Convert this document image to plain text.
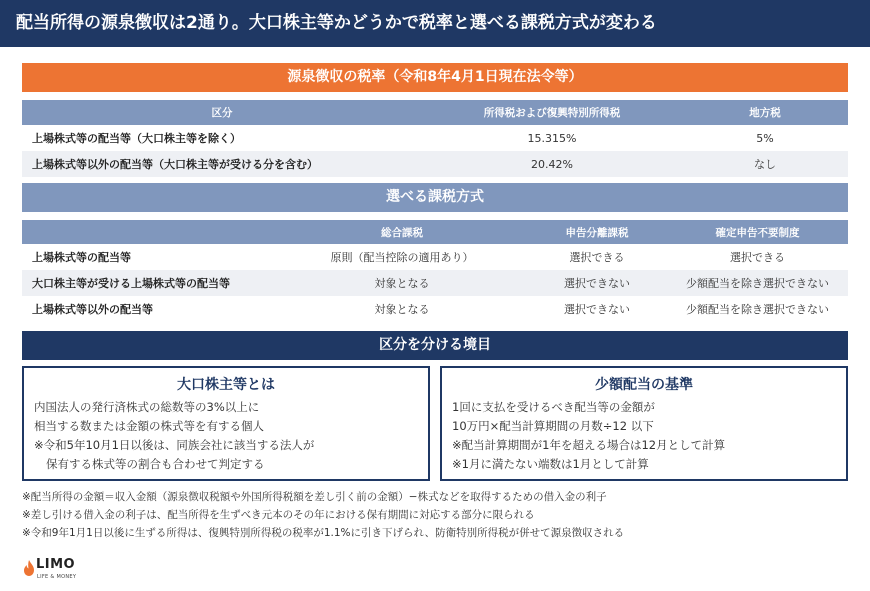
配当所得の源泉徴収は2通り。大口株主等かどうかで税率と選べる課税方式が変わる
源泉徴収の税率（令和8年4月1日現在法令等）
区分	所得税および復興特別所得税	地方税
上場株式等の配当等（大口株主等を除く）	15.315%	5%
上場株式等以外の配当等（大口株主等が受ける分を含む）	20.42%	なし
選べる課税方式
	総合課税	申告分離課税	確定申告不要制度
上場株式等の配当等	原則（配当控除の適用あり）	選択できる	選択できる
大口株主等が受ける上場株式等の配当等	対象となる	選択できない	少額配当を除き選択できない
上場株式等以外の配当等	対象となる	選択できない	少額配当を除き選択できない
区分を分ける境目
大口株主等とは
内国法人の発行済株式の総数等の3%以上に
相当する数または金額の株式等を有する個人
※令和5年10月1日以後は、同族会社に該当する法人が
保有する株式等の割合も合わせて判定する
少額配当の基準
1回に支払を受けるべき配当等の金額が
10万円×配当計算期間の月数÷12 以下
※配当計算期間が1年を超える場合は12月として計算
※1月に満たない端数は1月として計算
※配当所得の金額＝収入金額（源泉徴収税額や外国所得税額を差し引く前の金額）−株式などを取得するための借入金の利子
※差し引ける借入金の利子は、配当所得を生ずべき元本のその年における保有期間に対応する部分に限られる
※令和9年1月1日以後に生ずる所得は、復興特別所得税の税率が1.1%に引き下げられ、防衛特別所得税が併せて源泉徴収される
LIMO
LIFE & MONEY
